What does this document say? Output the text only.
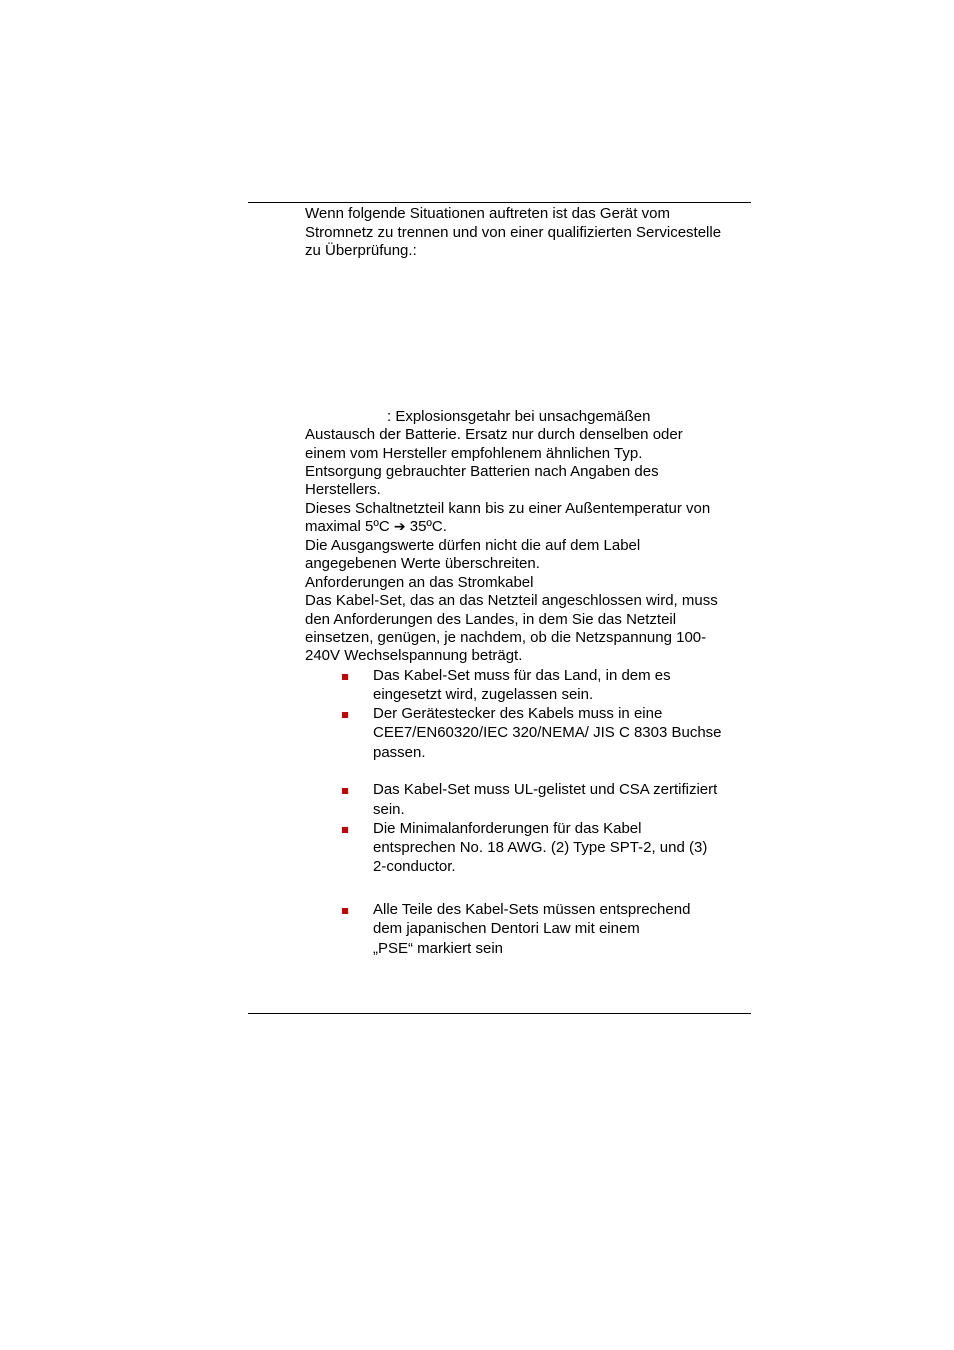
Wenn folgende Situationen auftreten ist das Gerät vom
Stromnetz zu trennen und von einer qualifizierten Servicestelle
zu Überprüfung.:
: Explosionsgetahr bei unsachgemäßen
Austausch der Batterie. Ersatz nur durch denselben oder
einem vom Hersteller empfohlenem ähnlichen Typ.
Entsorgung gebrauchter Batterien nach Angaben des
Herstellers.
Dieses Schaltnetzteil kann bis zu einer Außentemperatur von
maximal 5ºC ➔ 35ºC.
Die Ausgangswerte dürfen nicht die auf dem Label
angegebenen Werte überschreiten.
Anforderungen an das Stromkabel
Das Kabel-Set, das an das Netzteil angeschlossen wird, muss
den Anforderungen des Landes, in dem Sie das Netzteil
einsetzen, genügen, je nachdem, ob die Netzspannung 100-
240V Wechselspannung beträgt.
Das Kabel-Set muss für das Land, in dem es
eingesetzt wird, zugelassen sein.
Der Gerätestecker des Kabels muss in eine
CEE7/EN60320/IEC 320/NEMA/ JIS C 8303 Buchse
passen.
Das Kabel-Set muss UL-gelistet und CSA zertifiziert
sein.
Die Minimalanforderungen für das Kabel
entsprechen No. 18 AWG. (2) Type SPT-2, und (3)
2-conductor.
Alle Teile des Kabel-Sets müssen entsprechend
dem japanischen Dentori Law mit einem
„PSE“ markiert sein
